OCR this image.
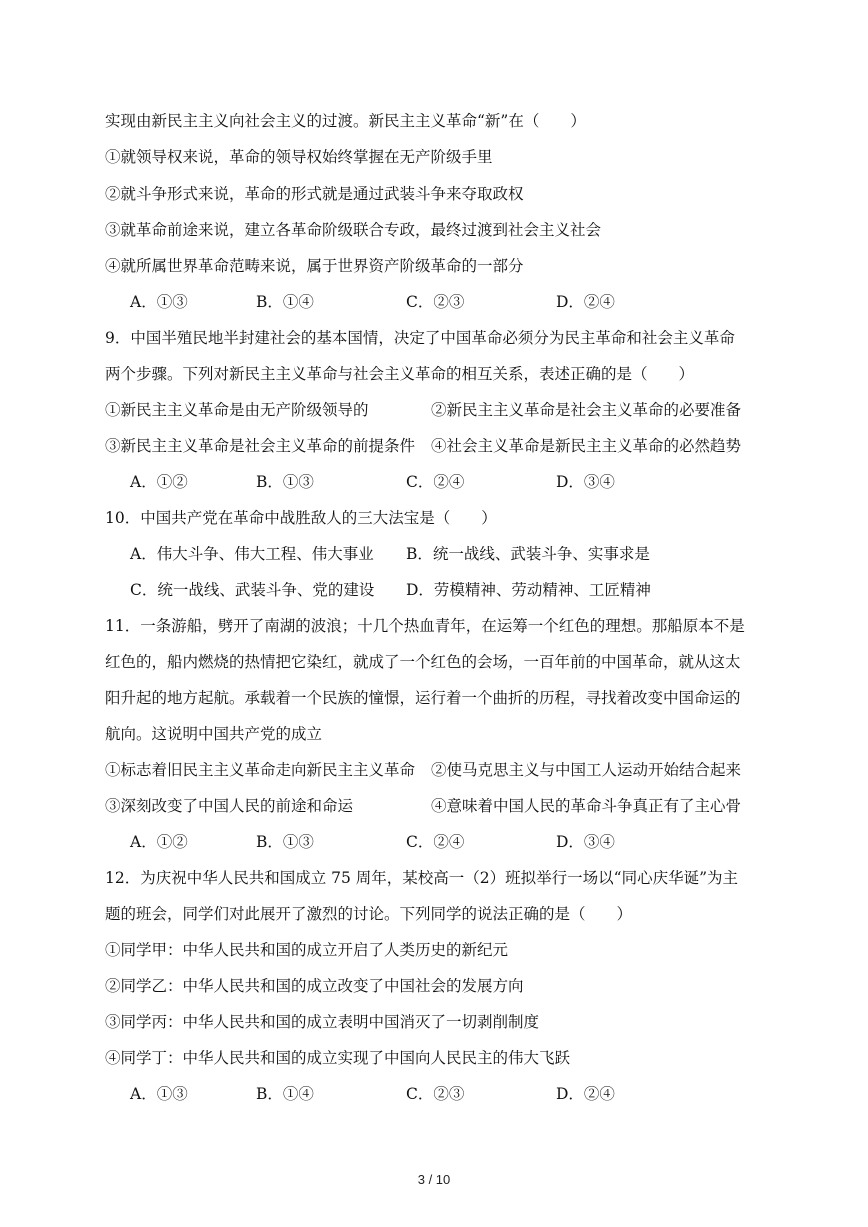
实现由新民主主义向社会主义的过渡。新民主主义革命“新”在（　　）
①就领导权来说，革命的领导权始终掌握在无产阶级手里
②就斗争形式来说，革命的形式就是通过武装斗争来夺取政权
③就革命前途来说，建立各革命阶级联合专政，最终过渡到社会主义社会
④就所属世界革命范畴来说，属于世界资产阶级革命的一部分
A．①③	B．①④	C．②③	D．②④
9．中国半殖民地半封建社会的基本国情，决定了中国革命必须分为民主革命和社会主义革命
两个步骤。下列对新民主主义革命与社会主义革命的相互关系，表述正确的是（　　）
①新民主主义革命是由无产阶级领导的	②新民主主义革命是社会主义革命的必要准备
③新民主主义革命是社会主义革命的前提条件 ④社会主义革命是新民主主义革命的必然趋势
A．①②	B．①③	C．②④	D．③④
10．中国共产党在革命中战胜敌人的三大法宝是（　　）
A．伟大斗争、伟大工程、伟大事业 B．统一战线、武装斗争、实事求是
C．统一战线、武装斗争、党的建设 D．劳模精神、劳动精神、工匠精神
11．一条游船，劈开了南湖的波浪；十几个热血青年，在运筹一个红色的理想。那船原本不是
红色的，船内燃烧的热情把它染红，就成了一个红色的会场，一百年前的中国革命，就从这太
阳升起的地方起航。承载着一个民族的憧憬，运行着一个曲折的历程，寻找着改变中国命运的
航向。这说明中国共产党的成立
①标志着旧民主主义革命走向新民主主义革命 ②使马克思主义与中国工人运动开始结合起来
③深刻改变了中国人民的前途和命运	④意味着中国人民的革命斗争真正有了主心骨
A．①②	B．①③	C．②④	D．③④
12．为庆祝中华人民共和国成立 75 周年，某校高一（2）班拟举行一场以“同心庆华诞”为主
题的班会，同学们对此展开了激烈的讨论。下列同学的说法正确的是（　　）
①同学甲：中华人民共和国的成立开启了人类历史的新纪元
②同学乙：中华人民共和国的成立改变了中国社会的发展方向
③同学丙：中华人民共和国的成立表明中国消灭了一切剥削制度
④同学丁：中华人民共和国的成立实现了中国向人民民主的伟大飞跃
A．①③	B．①④	C．②③	D．②④
3 / 10
